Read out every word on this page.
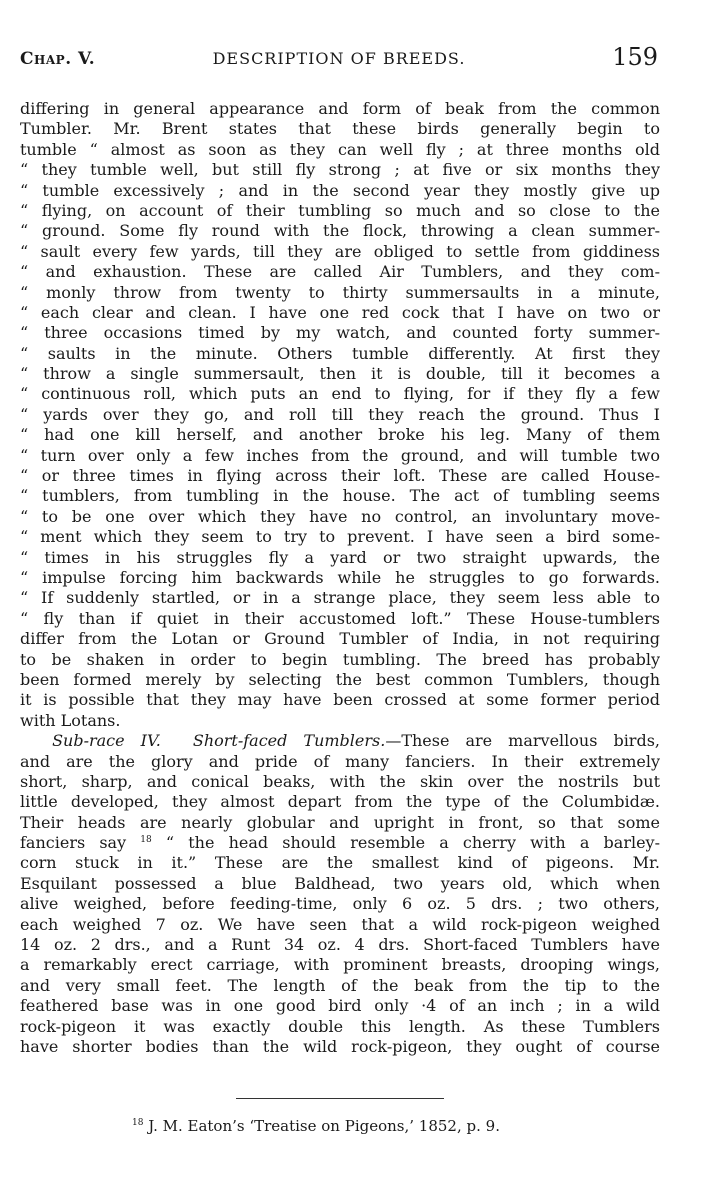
Chap. V.	DESCRIPTION OF BREEDS.	159
differing in general appearance and form of beak from the common
Tumbler. Mr. Brent states that these birds generally begin to
tumble “ almost as soon as they can well fly ; at three months old
“ they tumble well, but still fly strong ; at five or six months they
“ tumble excessively ; and in the second year they mostly give up
“ flying, on account of their tumbling so much and so close to the
“ ground. Some fly round with the flock, throwing a clean summer-
“ sault every few yards, till they are obliged to settle from giddiness
“ and exhaustion. These are called Air Tumblers, and they com-
“ monly throw from twenty to thirty summersaults in a minute,
“ each clear and clean. I have one red cock that I have on two or
“ three occasions timed by my watch, and counted forty summer-
“ saults in the minute. Others tumble differently. At first they
“ throw a single summersault, then it is double, till it becomes a
“ continuous roll, which puts an end to flying, for if they fly a few
“ yards over they go, and roll till they reach the ground. Thus I
“ had one kill herself, and another broke his leg. Many of them
“ turn over only a few inches from the ground, and will tumble two
“ or three times in flying across their loft. These are called House-
“ tumblers, from tumbling in the house. The act of tumbling seems
“ to be one over which they have no control, an involuntary move-
“ ment which they seem to try to prevent. I have seen a bird some-
“ times in his struggles fly a yard or two straight upwards, the
“ impulse forcing him backwards while he struggles to go forwards.
“ If suddenly startled, or in a strange place, they seem less able to
“ fly than if quiet in their accustomed loft.” These House-tumblers
differ from the Lotan or Ground Tumbler of India, in not requiring
to be shaken in order to begin tumbling. The breed has probably
been formed merely by selecting the best common Tumblers, though
it is possible that they may have been crossed at some former period
with Lotans.
Sub-race IV. Short-faced Tumblers.—These are marvellous birds,
and are the glory and pride of many fanciers. In their extremely
short, sharp, and conical beaks, with the skin over the nostrils but
little developed, they almost depart from the type of the Columbidæ.
Their heads are nearly globular and upright in front, so that some
fanciers say $^{18}$ “ the head should resemble a cherry with a barley-
corn stuck in it.” These are the smallest kind of pigeons. Mr.
Esquilant possessed a blue Baldhead, two years old, which when
alive weighed, before feeding-time, only 6 oz. 5 drs. ; two others,
each weighed 7 oz. We have seen that a wild rock-pigeon weighed
14 oz. 2 drs., and a Runt 34 oz. 4 drs. Short-faced Tumblers have
a remarkably erect carriage, with prominent breasts, drooping wings,
and very small feet. The length of the beak from the tip to the
feathered base was in one good bird only ·4 of an inch ; in a wild
rock-pigeon it was exactly double this length. As these Tumblers
have shorter bodies than the wild rock-pigeon, they ought of course
$^{18}$ J. M. Eaton’s ‘Treatise on Pigeons,’ 1852, p. 9.
